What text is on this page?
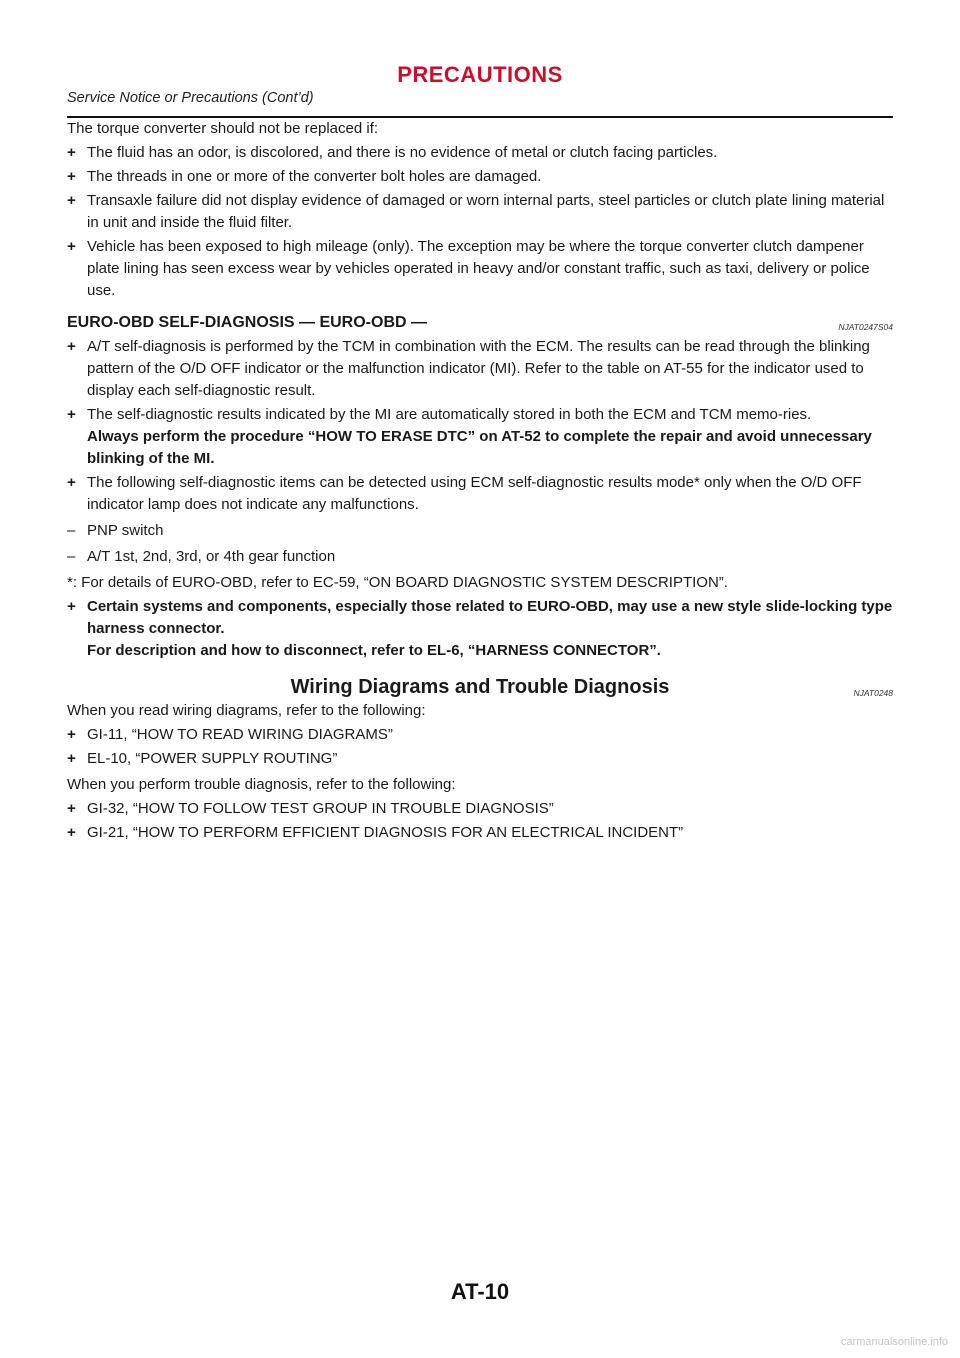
PRECAUTIONS
Service Notice or Precautions (Cont’d)

The torque converter should not be replaced if:

+ The fluid has an odor, is discolored, and there is no evidence of metal or clutch facing particles.
+ The threads in one or more of the converter bolt holes are damaged.
+ Transaxle failure did not display evidence of damaged or worn internal parts, steel particles or clutch plate lining material in unit and inside the fluid filter.
+ Vehicle has been exposed to high mileage (only). The exception may be where the torque converter clutch dampener plate lining has seen excess wear by vehicles operated in heavy and/or constant traffic, such as taxi, delivery or police use.
EURO-OBD SELF-DIAGNOSIS — EURO-OBD —	NJAT0247S04
+ A/T self-diagnosis is performed by the TCM in combination with the ECM. The results can be read through the blinking pattern of the O/D OFF indicator or the malfunction indicator (MI). Refer to the table on AT-55 for the indicator used to display each self-diagnostic result.
+ The self-diagnostic results indicated by the MI are automatically stored in both the ECM and TCM memo-ries.
Always perform the procedure “HOW TO ERASE DTC” on AT-52 to complete the repair and avoid unnecessary blinking of the MI.
+ The following self-diagnostic items can be detected using ECM self-diagnostic results mode* only when the O/D OFF indicator lamp does not indicate any malfunctions.
– PNP switch
– A/T 1st, 2nd, 3rd, or 4th gear function

*: For details of EURO-OBD, refer to EC-59, “ON BOARD DIAGNOSTIC SYSTEM DESCRIPTION”.

+ Certain systems and components, especially those related to EURO-OBD, may use a new style slide-locking type harness connector.
For description and how to disconnect, refer to EL-6, “HARNESS CONNECTOR”.
Wiring Diagrams and Trouble Diagnosis	NJAT0248

When you read wiring diagrams, refer to the following:

+ GI-11, “HOW TO READ WIRING DIAGRAMS”
+ EL-10, “POWER SUPPLY ROUTING”

When you perform trouble diagnosis, refer to the following:

+ GI-32, “HOW TO FOLLOW TEST GROUP IN TROUBLE DIAGNOSIS”
+ GI-21, “HOW TO PERFORM EFFICIENT DIAGNOSIS FOR AN ELECTRICAL INCIDENT”
AT-10
carmanualsonline.info
